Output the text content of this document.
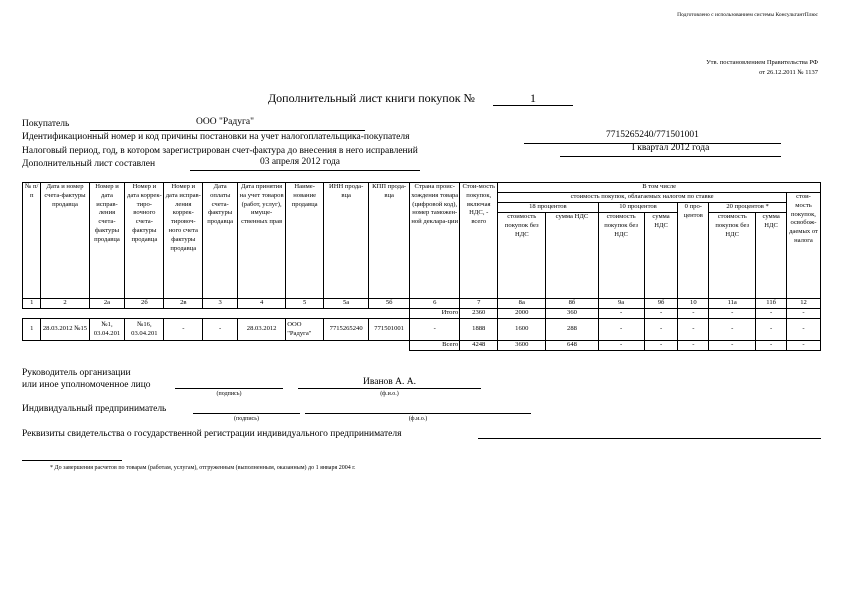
Подготовлено с использованием системы КонсультантПлюс
Утв. постановлением Правительства РФ
от 26.12.2011 № 1137
Дополнительный лист книги покупок №	1
Покупатель	ООО "Радуга"
Идентификационный номер и код причины постановки на учет налогоплательщика-покупателя	7715265240/771501001
Налоговый период, год, в котором зарегистрирован счет-фактура до внесения в него исправлений	I квартал 2012 года
Дополнительный лист составлен	03 апреля 2012 года
№ п/п	Дата и номер счета-фактуры продавца	Номер и дата исправ-ления счета-фактуры продавца	Номер и дата коррек-тиро-вочного счета-фактуры продавца	Номер и дата исправ-ления коррек-тировоч-ного счета фактуры продавца	Дата оплаты счета-фактуры продавца	Дата принятия на учет товаров (работ, услуг), имуще-ственных прав	Наиме-нование продавца	ИНН прода-вца	КПП прода-вца	Страна проис-хождения товара (цифровой код), номер таможен-ной деклара-ции	Стои-мость покупок, включая НДС, - всего	В том числе							
												стоимость покупок, облагаемых налогом по ставке							стои-мость покупок, освобож-даемых от налога
												18 процентов		10 процентов		0 про-центов	20 процентов *		
												стоимость покупок без НДС	сумма НДС	стоимость покупок без НДС	сумма НДС		стоимость покупок без НДС	сумма НДС	
1	2	2а	2б	2в	3	4	5	5а	5б	6	7	8а	8б	9а	9б	10	11а	11б	12
										Итого	2360	2000	360	-	-	-	-	-	-
1	28.03.2012 №15	№1, 03.04.201	№16, 03.04.201	-	-	28.03.2012	ООО "Радуга"	7715265240	771501001	-	1888	1600	288	-	-	-	-	-	-
										Всего	4248	3600	648	-	-	-	-	-	-
Руководитель организации
или иное уполномоченное лицо	Иванов А. А.
(подпись)	(ф.и.о.)
Индивидуальный предприниматель
(подпись)	(ф.и.о.)
Реквизиты свидетельства о государственной регистрации индивидуального предпринимателя
* До завершения расчетов по товарам (работам, услугам), отгруженным (выполненным, оказанным) до 1 января 2004 г.
